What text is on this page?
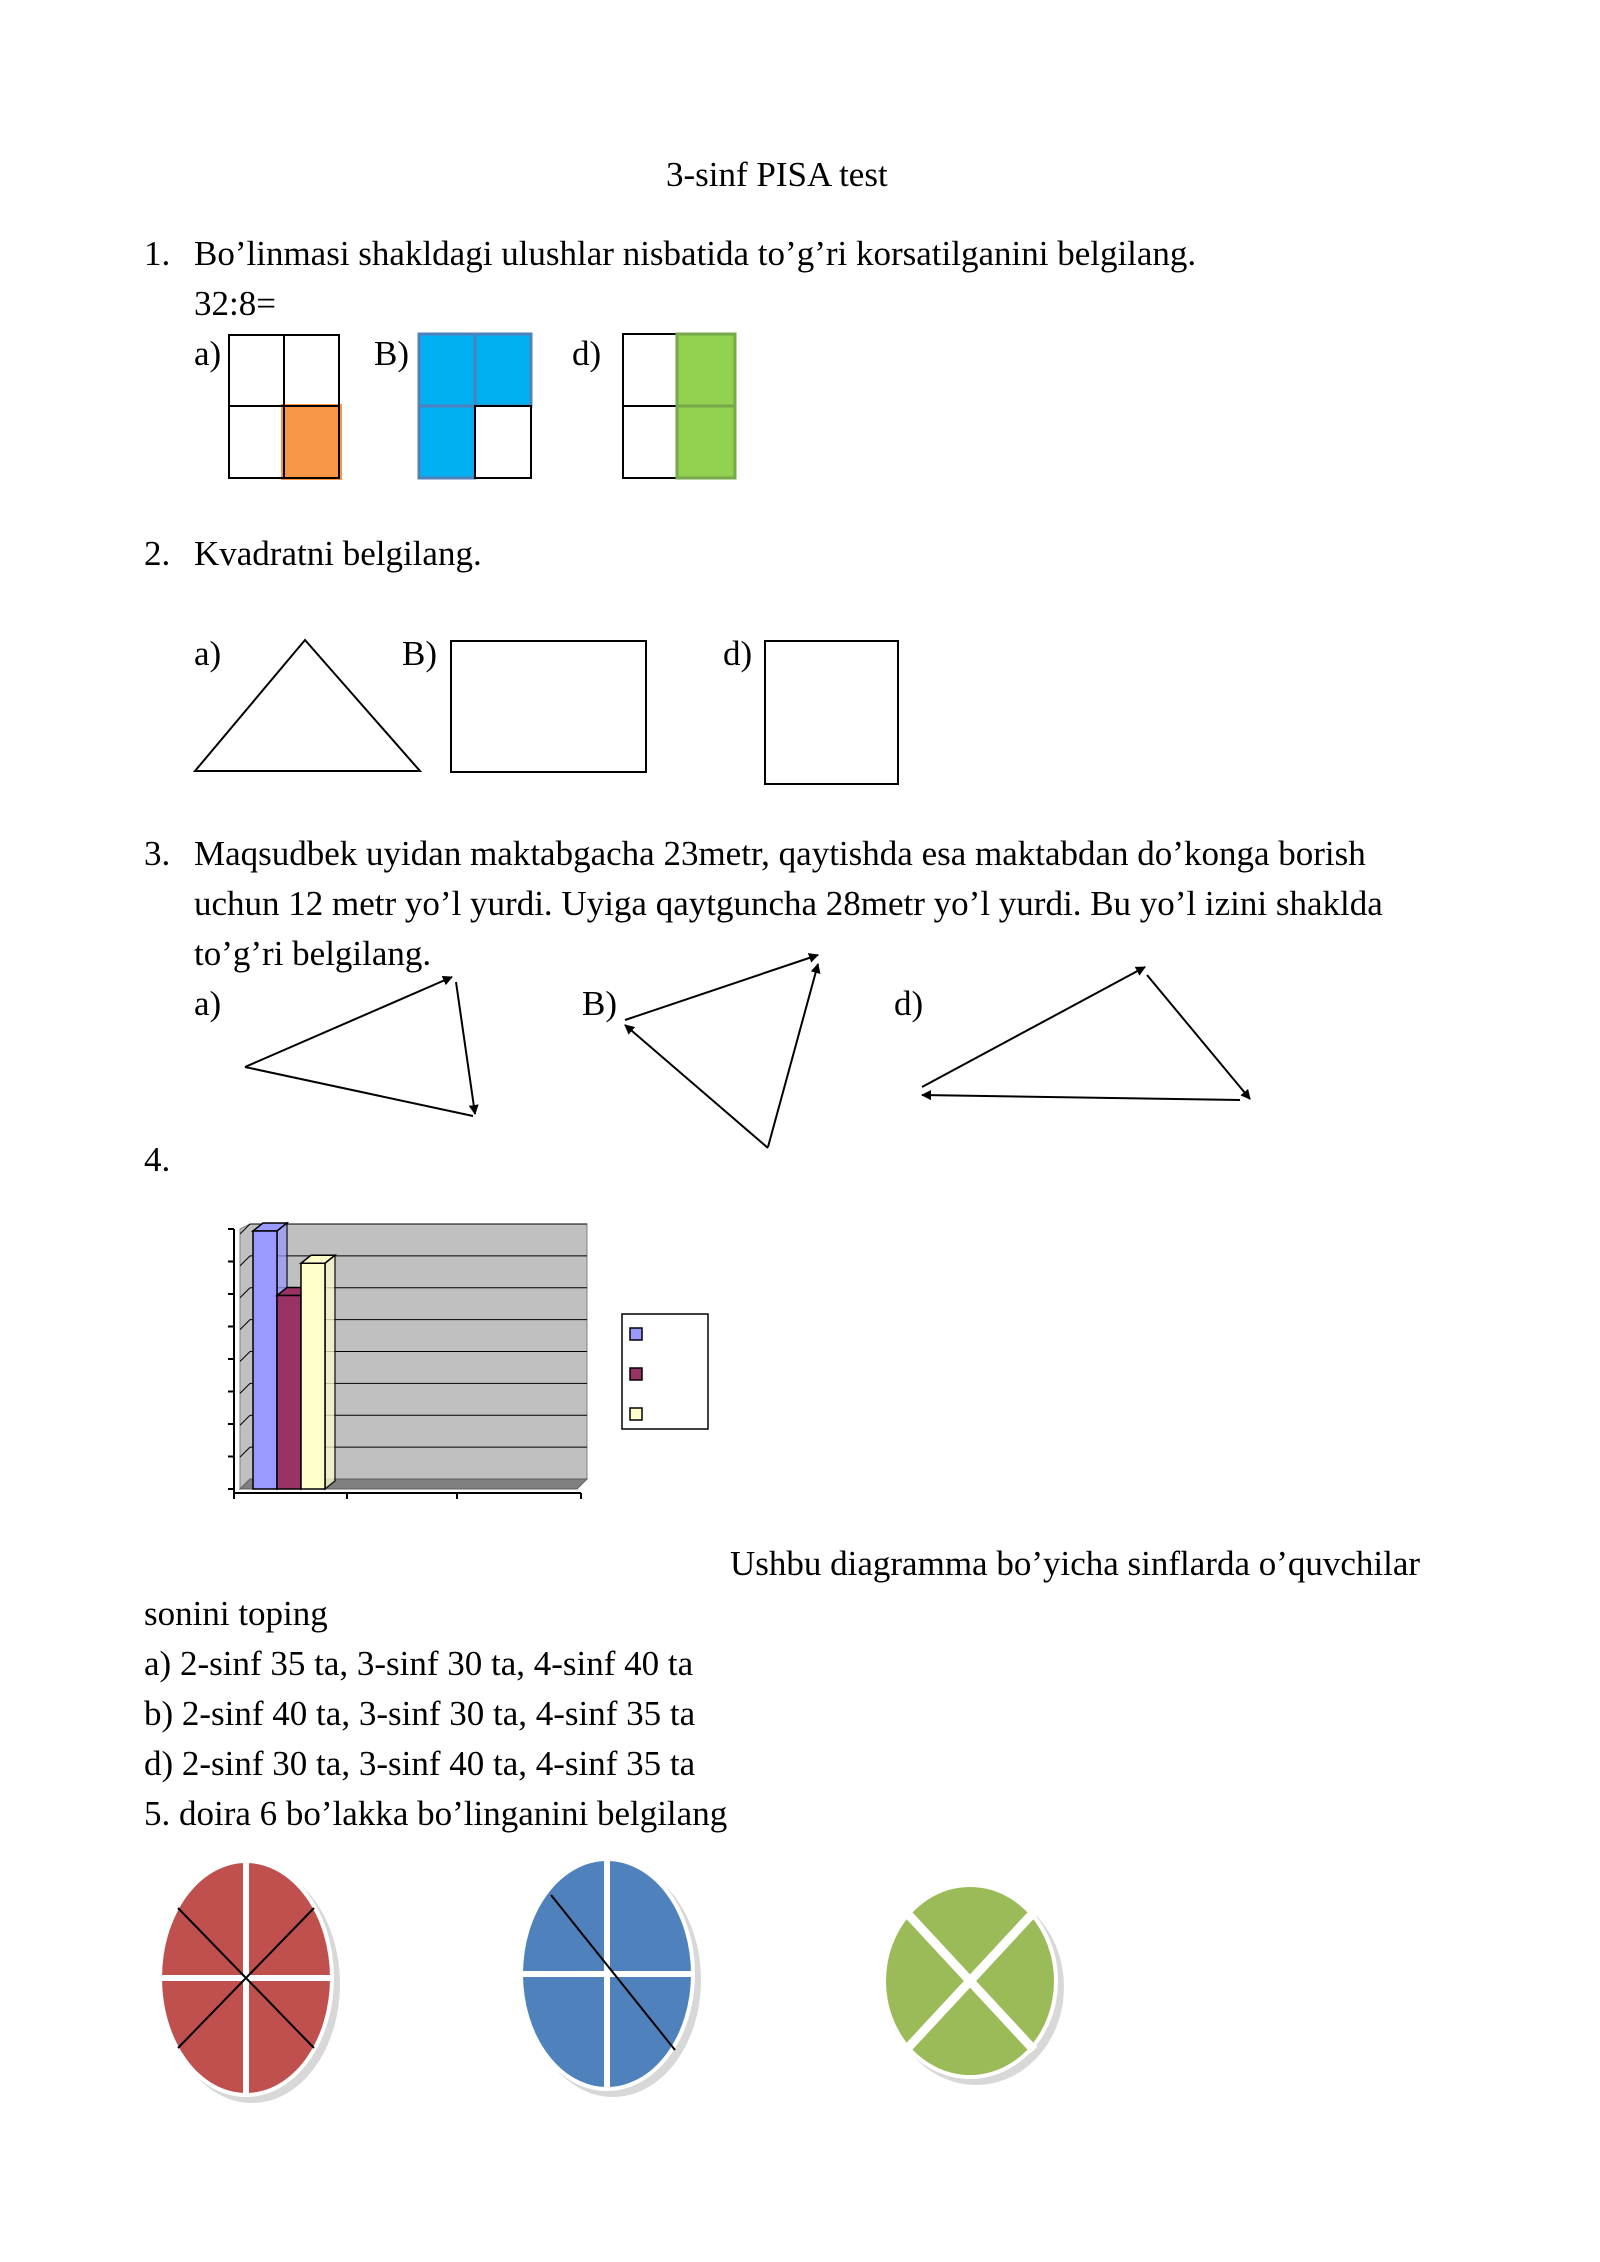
3-sinf PISA test
1. Bo’linmasi shakldagi ulushlar nisbatida to’g’ri korsatilganini belgilang.
32:8=
a)	B)	d)
2. Kvadratni belgilang.
a)	B)	d)
3. Maqsudbek uyidan maktabgacha 23metr, qaytishda esa maktabdan do’konga borish
uchun 12 metr yo’l yurdi. Uyiga qaytguncha 28metr yo’l yurdi. Bu yo’l izini shaklda
to’g’ri belgilang.
a)	B)	d)
4.
Ushbu diagramma bo’yicha sinflarda o’quvchilar
sonini toping
a) 2-sinf 35 ta, 3-sinf 30 ta, 4-sinf 40 ta
b) 2-sinf 40 ta, 3-sinf 30 ta, 4-sinf 35 ta
d) 2-sinf 30 ta, 3-sinf 40 ta, 4-sinf 35 ta
5. doira 6 bo’lakka bo’linganini belgilang
